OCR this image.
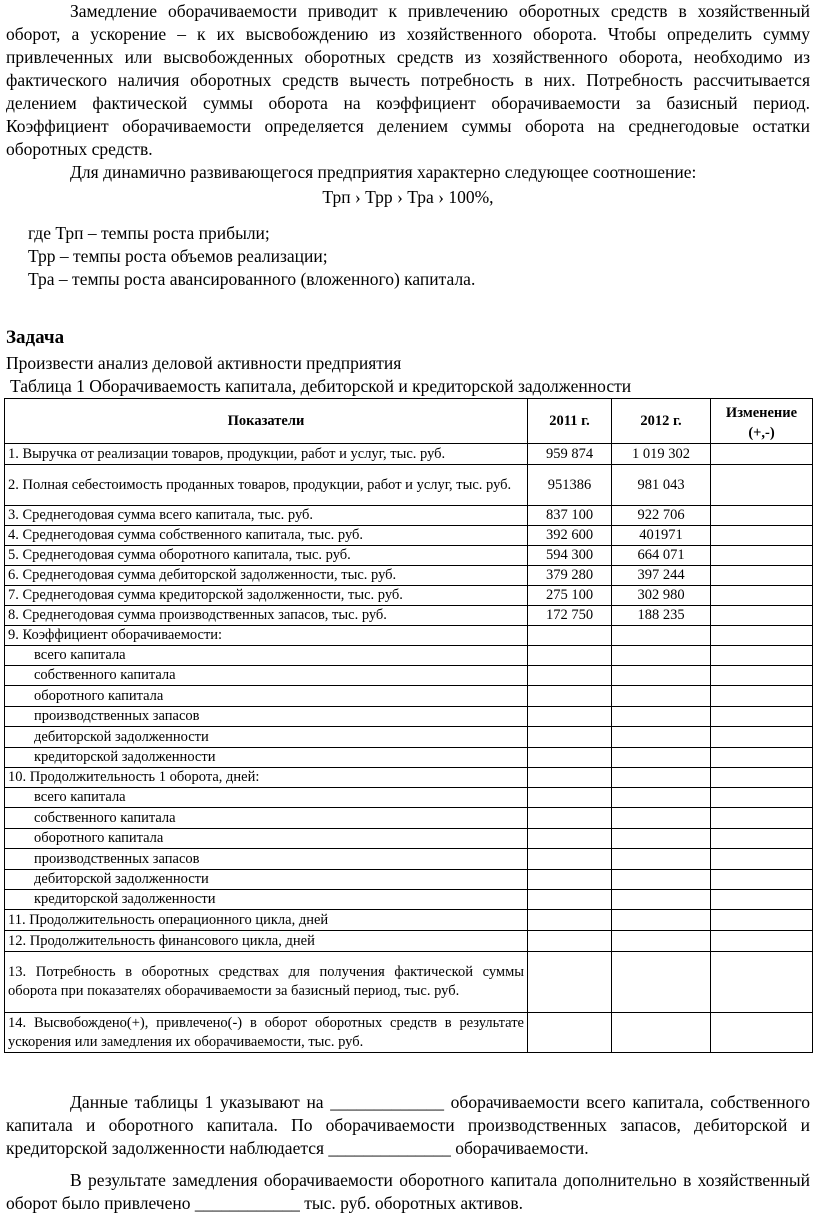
Замедление оборачиваемости приводит к привлечению оборотных средств в хозяйственный оборот, а ускорение – к их высвобождению из хозяйственного оборота. Чтобы определить сумму привлеченных или высвобожденных оборотных средств из хозяйственного оборота, необходимо из фактического наличия оборотных средств вычесть потребность в них. Потребность рассчитывается делением фактической суммы оборота на коэффициент оборачиваемости за базисный период. Коэффициент оборачиваемости определяется делением суммы оборота на среднегодовые остатки оборотных средств.
Для динамично развивающегося предприятия характерно следующее соотношение:
Трп › Трр › Тра › 100%,
где Трп – темпы роста прибыли;
Трр – темпы роста объемов реализации;
Тра – темпы роста авансированного (вложенного) капитала.
Задача
Произвести анализ деловой активности предприятия
Таблица 1 Оборачиваемость капитала, дебиторской и кредиторской задолженности
Показатели	2011 г.	2012 г.	Изменение (+,-)
1. Выручка от реализации товаров, продукции, работ и услуг, тыс. руб.	959 874	1 019 302	
2. Полная себестоимость проданных товаров, продукции, работ и услуг, тыс. руб.	951386	981 043	
3. Среднегодовая сумма всего капитала, тыс. руб.	837 100	922 706	
4. Среднегодовая сумма собственного капитала, тыс. руб.	392 600	401971	
5. Среднегодовая сумма оборотного капитала, тыс. руб.	594 300	664 071	
6. Среднегодовая сумма дебиторской задолженности, тыс. руб.	379 280	397 244	
7. Среднегодовая сумма кредиторской задолженности, тыс. руб.	275 100	302 980	
8. Среднегодовая сумма производственных запасов, тыс. руб.	172 750	188 235	
9. Коэффициент оборачиваемости:			
всего капитала			
собственного капитала			
оборотного капитала			
производственных запасов			
дебиторской задолженности			
кредиторской задолженности			
10. Продолжительность 1 оборота, дней:			
всего капитала			
собственного капитала			
оборотного капитала			
производственных запасов			
дебиторской задолженности			
кредиторской задолженности			
11. Продолжительность операционного цикла, дней			
12. Продолжительность финансового цикла, дней			
13. Потребность в оборотных средствах для получения фактической суммы оборота при показателях оборачиваемости за базисный период, тыс. руб.			
14. Высвобождено(+), привлечено(-) в оборот оборотных средств в результате ускорения или замедления их оборачиваемости, тыс. руб.			
Данные таблицы 1 указывают на _____________ оборачиваемости всего капитала, собственного капитала и оборотного капитала. По оборачиваемости производственных запасов, дебиторской и кредиторской задолженности наблюдается ______________ оборачиваемости.
В результате замедления оборачиваемости оборотного капитала дополнительно в хозяйственный оборот было привлечено ____________ тыс. руб. оборотных активов.
